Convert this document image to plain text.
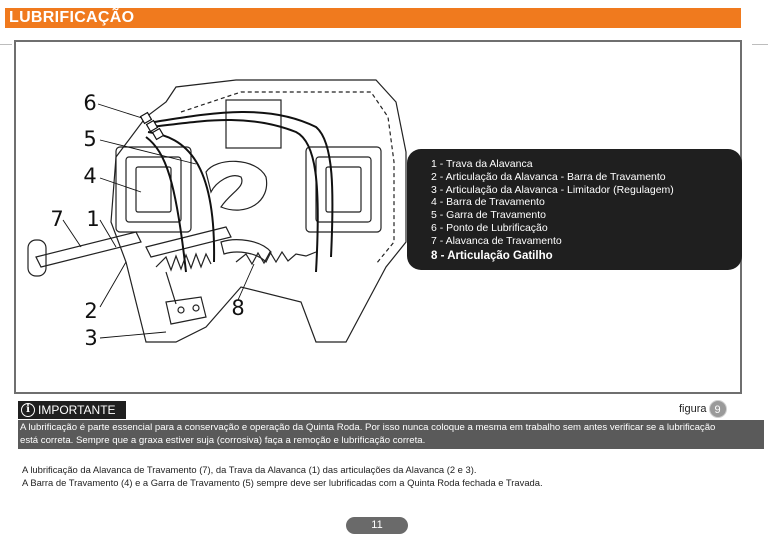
LUBRIFICAÇÃO
6
5
4
7 1
2
3
8
1 - Trava da Alavanca
2 - Articulação da Alavanca - Barra de Travamento
3 - Articulação da Alavanca - Limitador (Regulagem)
4 - Barra de Travamento
5 - Garra de Travamento
6 - Ponto de Lubrificação
7 - Alavanca de Travamento
8 - Articulação Gatilho
i IMPORTANTE	figura 9
A lubrificação é parte essencial para a conservação e operação da Quinta Roda. Por isso nunca coloque a mesma em trabalho sem antes verificar se a lubrificação
está correta. Sempre que a graxa estiver suja (corrosiva) faça a remoção e lubrificação correta.
A lubrificação da Alavanca de Travamento (7), da Trava da Alavanca (1) das articulações da Alavanca (2 e 3).
A Barra de Travamento (4) e a Garra de Travamento (5) sempre deve ser lubrificadas com a Quinta Roda fechada e Travada.
11
